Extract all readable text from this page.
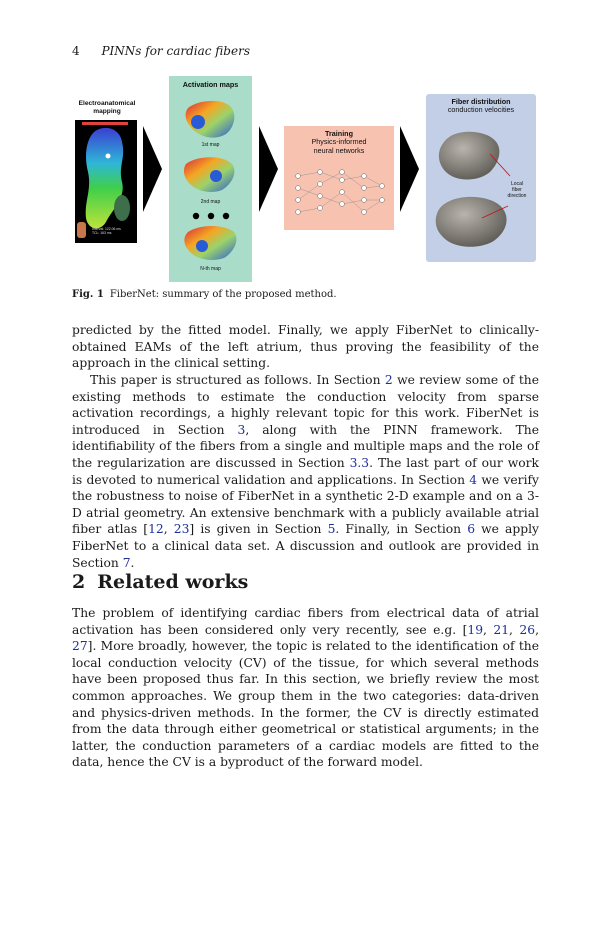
4 PINNs for cardiac fibers
Electroanatomical
mapping
Interval: 122.06 ms
TCL: 163 ms
Activation maps
1st map
2nd map
N-th map
Training
Physics-informed
neural networks
Fiber distribution
conduction velocities
Local
fiber
direction
Fig. 1 FiberNet: summary of the proposed method.
predicted by the fitted model. Finally, we apply FiberNet to clinically-obtained EAMs of the left atrium, thus proving the feasibility of the approach in the clinical setting.
This paper is structured as follows. In Section 2 we review some of the existing methods to estimate the conduction velocity from sparse activation recordings, a highly relevant topic for this work. FiberNet is introduced in Section 3, along with the PINN framework. The identifiability of the fibers from a single and multiple maps and the role of the regularization are discussed in Section 3.3. The last part of our work is devoted to numerical validation and applications. In Section 4 we verify the robustness to noise of FiberNet in a synthetic 2-D example and on a 3-D atrial geometry. An extensive benchmark with a publicly available atrial fiber atlas [12, 23] is given in Section 5. Finally, in Section 6 we apply FiberNet to a clinical data set. A discussion and outlook are provided in Section 7.
2 Related works
The problem of identifying cardiac fibers from electrical data of atrial activation has been considered only very recently, see e.g. [19, 21, 26, 27]. More broadly, however, the topic is related to the identification of the local conduction velocity (CV) of the tissue, for which several methods have been proposed thus far. In this section, we briefly review the most common approaches. We group them in the two categories: data-driven and physics-driven methods. In the former, the CV is directly estimated from the data through either geometrical or statistical arguments; in the latter, the conduction parameters of a cardiac models are fitted to the data, hence the CV is a byproduct of the forward model.
